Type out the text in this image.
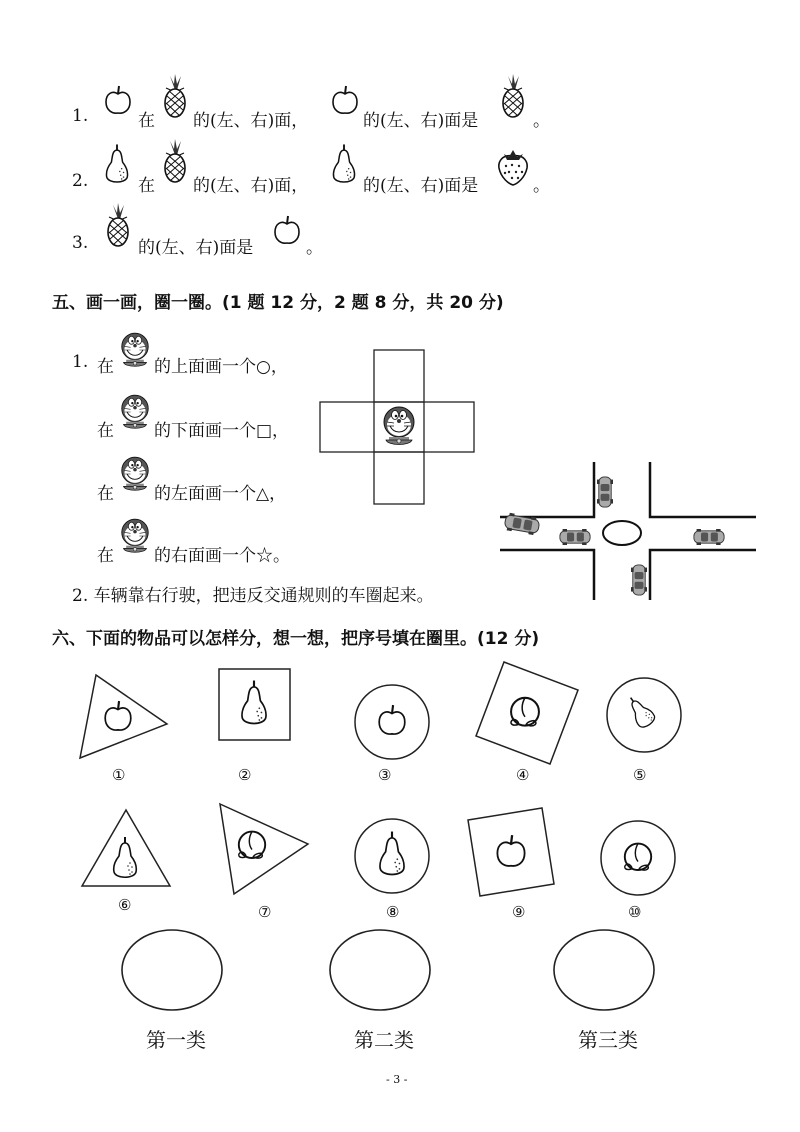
1.	在 的(左、右)面，	的(左、右)面是	。
2.	在 的(左、右)面，	的(左、右)面是	。
3.	的(左、右)面是	。
五、画一画，圈一圈。(1 题 12 分，2 题 8 分，共 20 分)
1. 在 的上面画一个○，
在 的下面画一个□，
在 的左面画一个△，
在 的右面画一个☆。
2. 车辆靠右行驶，把违反交通规则的车圈起来。
六、下面的物品可以怎样分，想一想，把序号填在圈里。(12 分)
①	②	③	④	⑤
⑥	⑦	⑧	⑨	⑩
第一类	第二类	第三类
- 3 -
